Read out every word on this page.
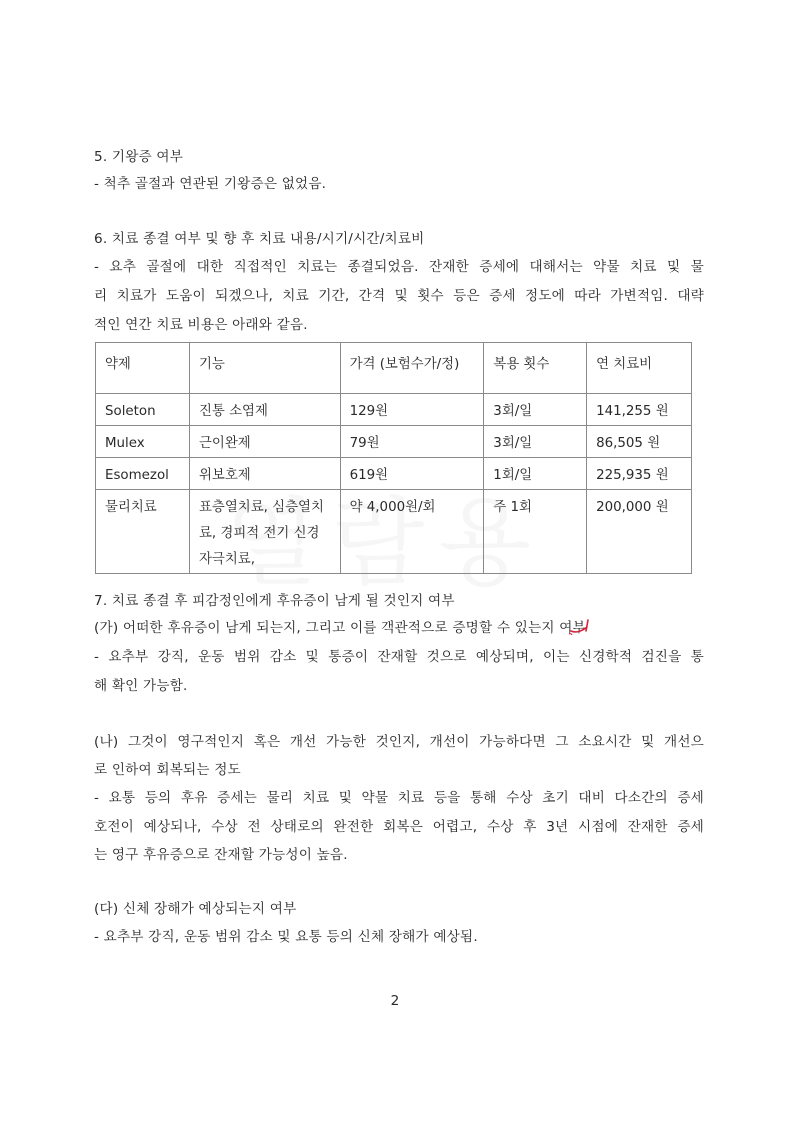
5. 기왕증 여부
- 척추 골절과 연관된 기왕증은 없었음.
6. 치료 종결 여부 및 향 후 치료 내용/시기/시간/치료비
- 요추 골절에 대한 직접적인 치료는 종결되었음. 잔재한 증세에 대해서는 약물 치료 및 물
리 치료가 도움이 되겠으나, 치료 기간, 간격 및 횟수 등은 증세 정도에 따라 가변적임. 대략
적인 연간 치료 비용은 아래와 같음.
약제	기능	가격 (보험수가/정)	복용 횟수	연 치료비
Soleton	진통 소염제	129원	3회/일	141,255 원
Mulex	근이완제	79원	3회/일	86,505 원
Esomezol	위보호제	619원	1회/일	225,935 원
물리치료	표층열치료, 심층열치료, 경피적 전기 신경자극치료,	약 4,000원/회	주 1회	200,000 원
7. 치료 종결 후 피감정인에게 후유증이 남게 될 것인지 여부
(가) 어떠한 후유증이 남게 되는지, 그리고 이를 객관적으로 증명할 수 있는지 여부
- 요추부 강직, 운동 범위 감소 및 통증이 잔재할 것으로 예상되며, 이는 신경학적 검진을 통
해 확인 가능함.
(나) 그것이 영구적인지 혹은 개선 가능한 것인지, 개선이 가능하다면 그 소요시간 및 개선으
로 인하여 회복되는 정도
- 요통 등의 후유 증세는 물리 치료 및 약물 치료 등을 통해 수상 초기 대비 다소간의 증세
호전이 예상되나, 수상 전 상태로의 완전한 회복은 어렵고, 수상 후 3년 시점에 잔재한 증세
는 영구 후유증으로 잔재할 가능성이 높음.
(다) 신체 장해가 예상되는지 여부
- 요추부 강직, 운동 범위 감소 및 요통 등의 신체 장해가 예상됨.
2
